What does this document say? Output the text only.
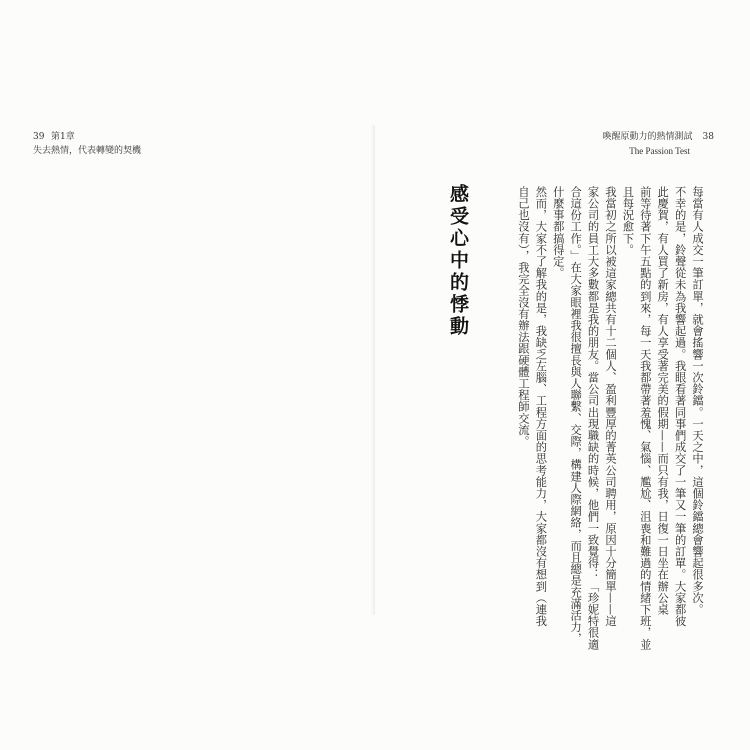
39 第1章
失去熱情，代表轉變的契機
喚醒原動力的熱情測試 38
The Passion Test
每當有人成交一筆訂單，就會搖響一次鈴鐺。一天之中，這個鈴鐺總會響起很多次。
不幸的是，鈴聲從未為我響起過。我眼看著同事們成交了一筆又一筆的訂單。大家都彼
此慶賀，有人買了新房，有人享受著完美的假期——而只有我，日復一日坐在辦公桌
前等待著下午五點的到來，每一天我都帶著羞愧、氣惱、尷尬、沮喪和難過的情緒下班，並
且每況愈下。
我當初之所以被這家總共有十二個人、盈利豐厚的菁英公司聘用，原因十分簡單——這
家公司的員工大多數都是我的朋友。當公司出現職缺的時候，他們一致覺得：「珍妮特很適
合這份工作。」在大家眼裡我很擅長與人聯繫、交際，構建人際網絡，而且總是充滿活力，
什麼事都搞得定。
然而，大家不了解我的是，我缺乏左腦、工程方面的思考能力，大家都沒有想到（連我
自己也沒有），我完全沒有辦法跟硬體工程師交流。
感受心中的悸動
